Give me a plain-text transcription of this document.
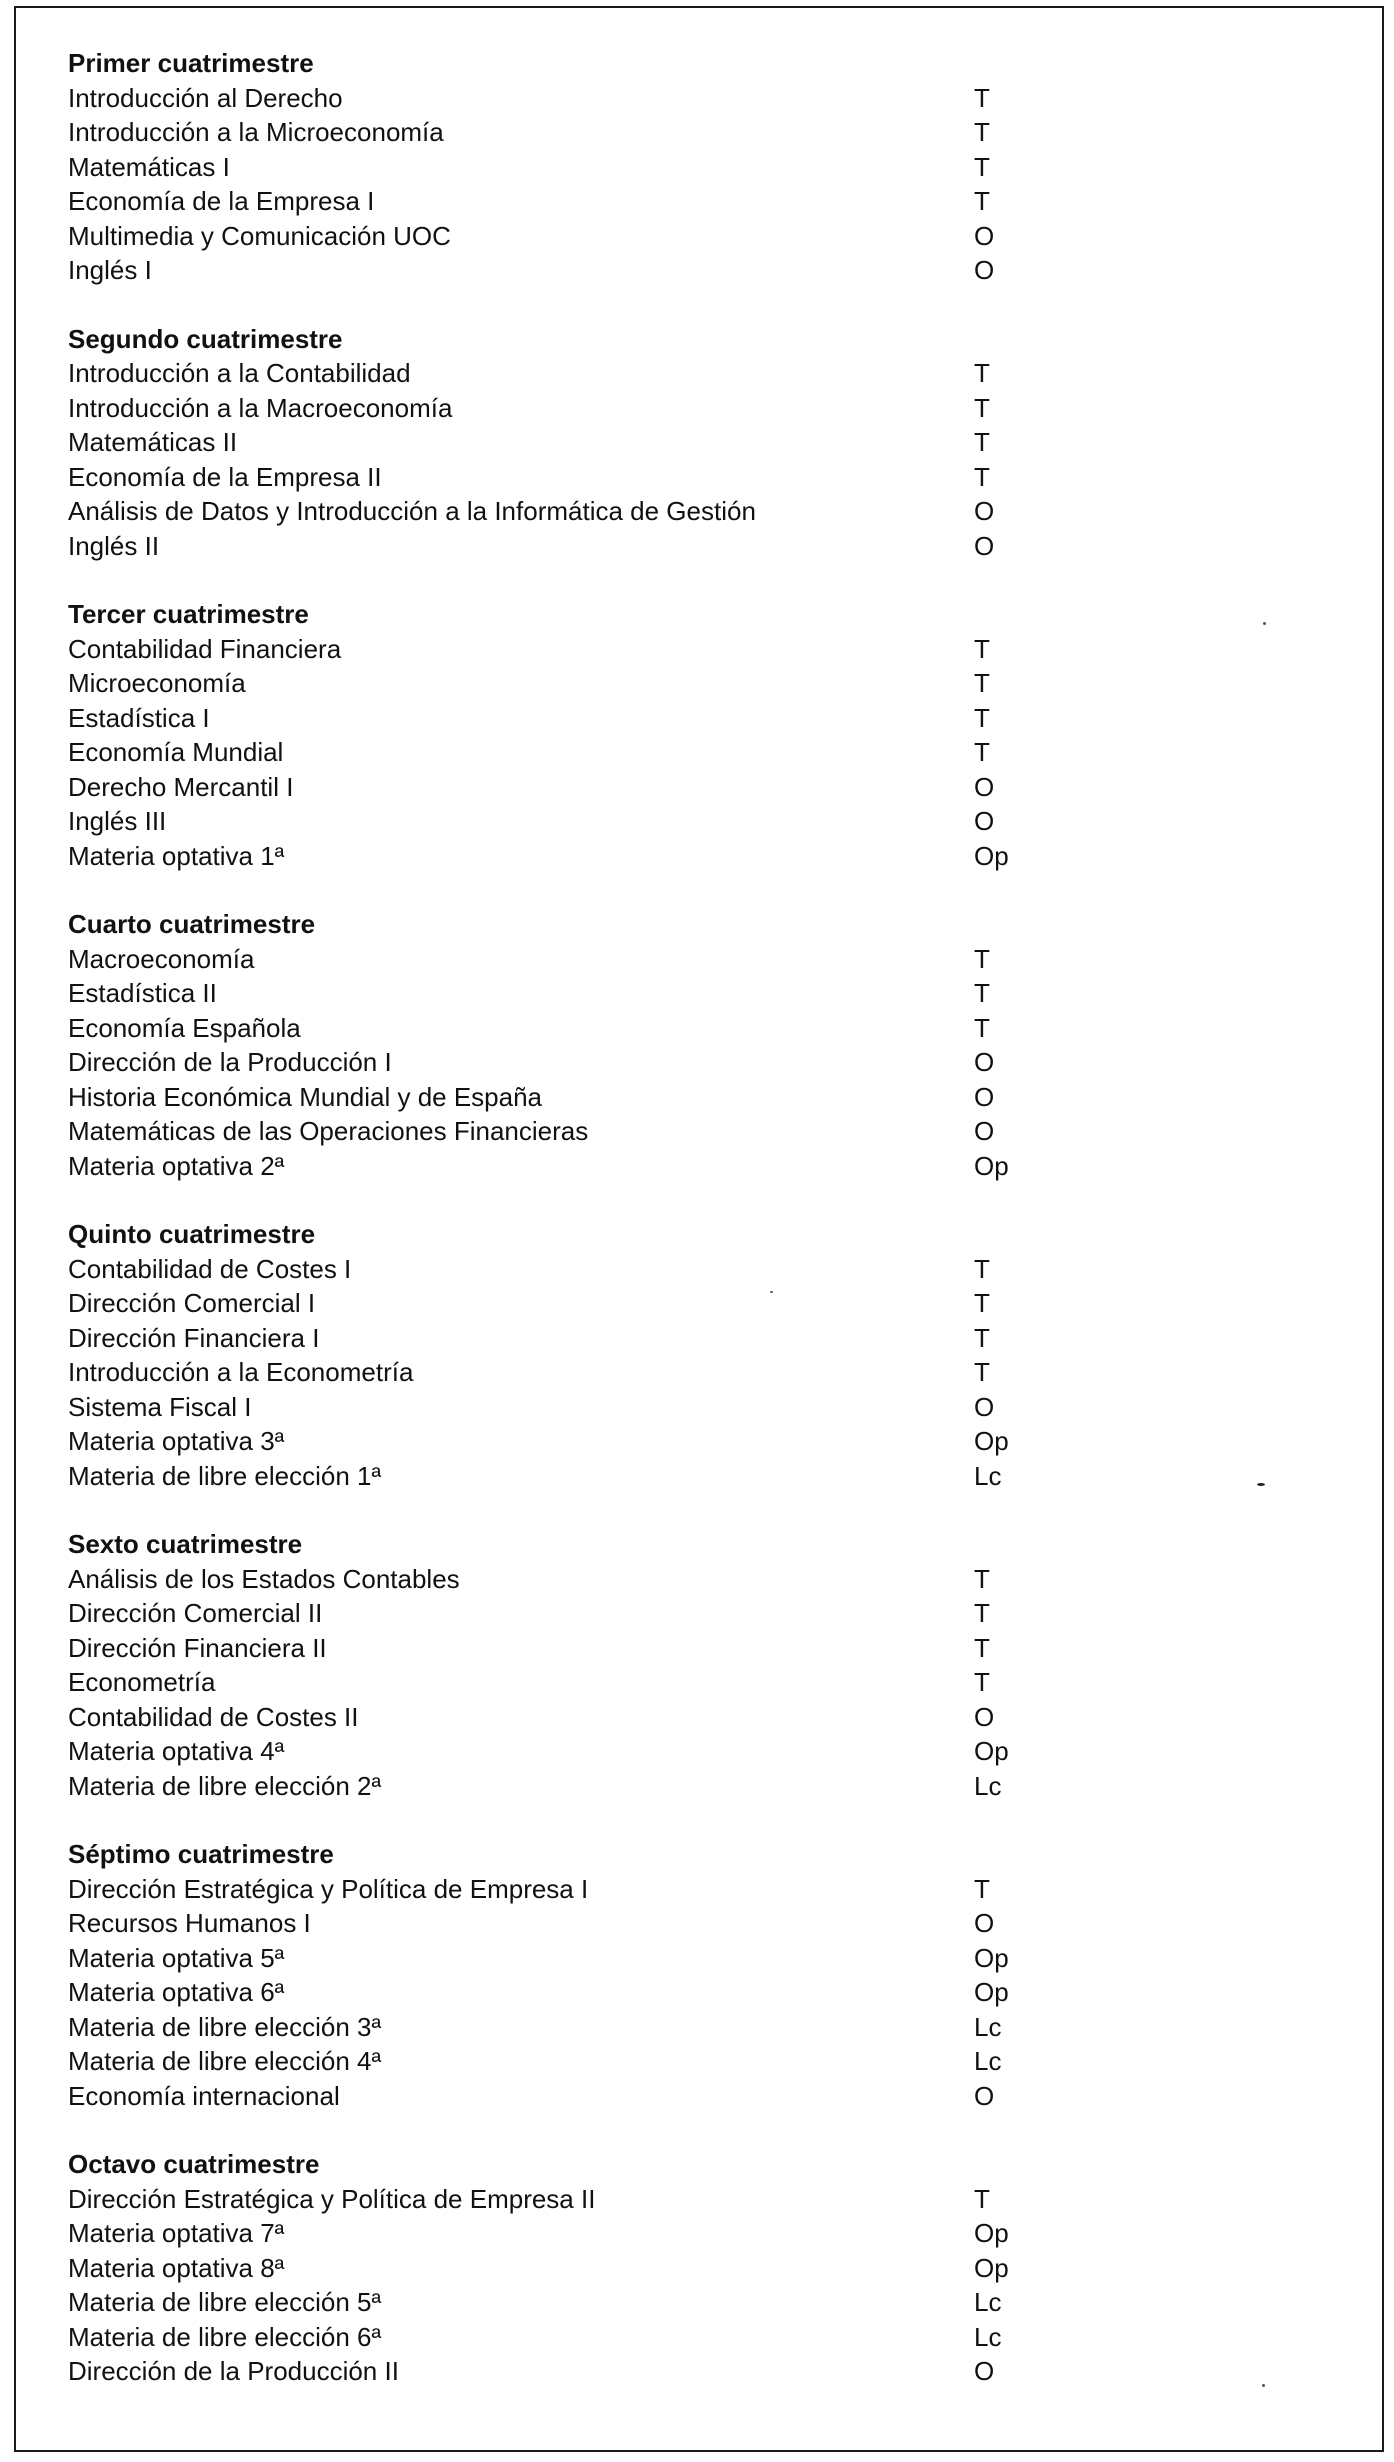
Primer cuatrimestre
Introducción al Derecho	T
Introducción a la Microeconomía	T
Matemáticas I	T
Economía de la Empresa I	T
Multimedia y Comunicación UOC	O
Inglés I	O
Segundo cuatrimestre
Introducción a la Contabilidad	T
Introducción a la Macroeconomía	T
Matemáticas II	T
Economía de la Empresa II	T
Análisis de Datos y Introducción a la Informática de Gestión	O
Inglés II	O
Tercer cuatrimestre
Contabilidad Financiera	T
Microeconomía	T
Estadística I	T
Economía Mundial	T
Derecho Mercantil I	O
Inglés III	O
Materia optativa 1ª	Op
Cuarto cuatrimestre
Macroeconomía	T
Estadística II	T
Economía Española	T
Dirección de la Producción I	O
Historia Económica Mundial y de España	O
Matemáticas de las Operaciones Financieras	O
Materia optativa 2ª	Op
Quinto cuatrimestre
Contabilidad de Costes I	T
Dirección Comercial I	T
Dirección Financiera I	T
Introducción a la Econometría	T
Sistema Fiscal I	O
Materia optativa 3ª	Op
Materia de libre elección 1ª	Lc
Sexto cuatrimestre
Análisis de los Estados Contables	T
Dirección Comercial II	T
Dirección Financiera II	T
Econometría	T
Contabilidad de Costes II	O
Materia optativa 4ª	Op
Materia de libre elección 2ª	Lc
Séptimo cuatrimestre
Dirección Estratégica y Política de Empresa I	T
Recursos Humanos I	O
Materia optativa 5ª	Op
Materia optativa 6ª	Op
Materia de libre elección 3ª	Lc
Materia de libre elección 4ª	Lc
Economía internacional	O
Octavo cuatrimestre
Dirección Estratégica y Política de Empresa II	T
Materia optativa 7ª	Op
Materia optativa 8ª	Op
Materia de libre elección 5ª	Lc
Materia de libre elección 6ª	Lc
Dirección de la Producción II	O
